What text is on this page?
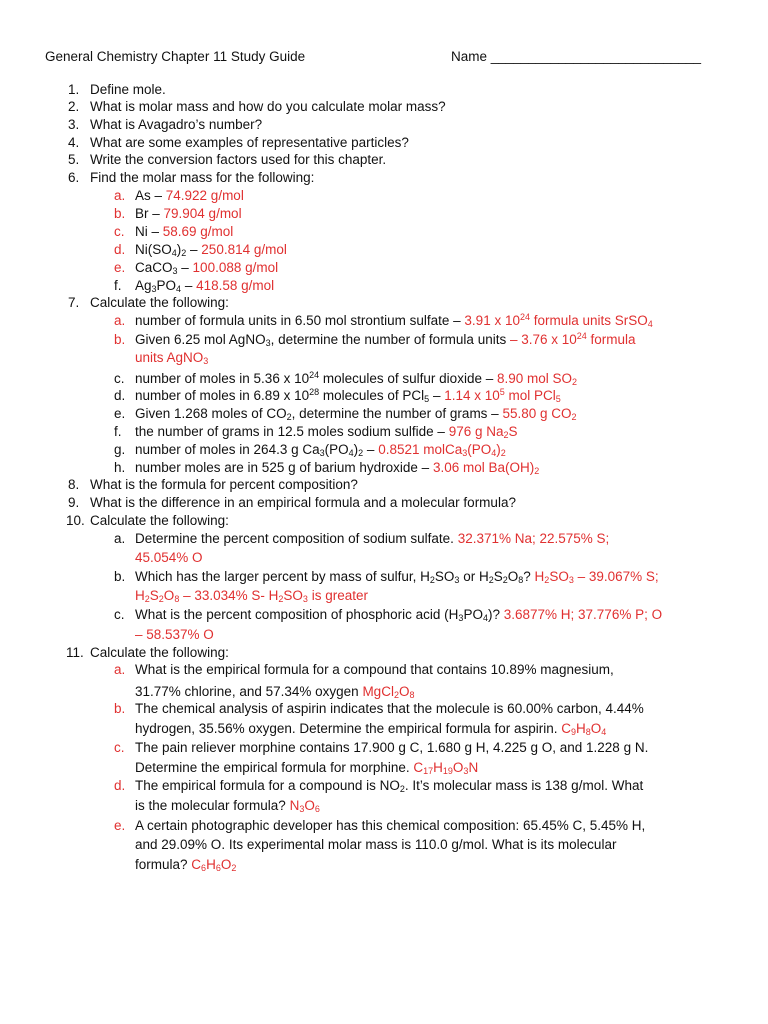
General Chemistry Chapter 11 Study Guide	Name ____________________________
1. Define mole.
2. What is molar mass and how do you calculate molar mass?
3. What is Avagadro’s number?
4. What are some examples of representative particles?
5. Write the conversion factors used for this chapter.
6. Find the molar mass for the following:
a. As – 74.922 g/mol
b. Br – 79.904 g/mol
c. Ni – 58.69 g/mol
d. $Ni(SO_4)_2 - 250.814$ g/mol
e. CaCO$_3$ – 100.088 g/mol
f. $Ag_3PO_4 - 418.58$ g/mol
7. Calculate the following:
a. number of formula units in 6.50 mol strontium sulfate – 3.91 x $10^{24}$ formula units SrSO$_4$
b. Given 6.25 mol AgNO$_3$, determine the number of formula units – 3.76 x $10^{24}$ formula
units AgNO$_3$
c. number of moles in 5.36 x $10^{24}$ molecules of sulfur dioxide – 8.90 mol $SO_2$
d. number of moles in 6.89 x $10^{28}$ molecules of PCl$_5$ – 1.14 x $10^5$ mol PCl$_5$
e. Given 1.268 moles of $CO_2$, determine the number of grams – 55.80 g $CO_2$
f. the number of grams in 12.5 moles sodium sulfide – 976 g $Na_2S$
g. number of moles in 264.3 g $Ca_3(PO_4)_2 - 0.8521$ $molCa_3(PO_4)_2$
h. number moles are in 525 g of barium hydroxide – 3.06 mol $Ba(OH)_2$
8. What is the formula for percent composition?
9. What is the difference in an empirical formula and a molecular formula?
10. Calculate the following:
a. Determine the percent composition of sodium sulfate. 32.371% Na; 22.575% S;
45.054% O
b. Which has the larger percent by mass of sulfur, $H_2SO_3$ or $H_2S_2O_8$? $H_2SO_3 - 39.067\%$ S;
$H_2S_2O_8 - 33.034\%$ S- $H_2SO_3$ is greater
c. What is the percent composition of phosphoric acid $(H_3PO_4)$? 3.6877% H; 37.776% P; O
– 58.537% O
11. Calculate the following:
a. What is the empirical formula for a compound that contains 10.89% magnesium,
31.77% chlorine, and 57.34% oxygen $MgCl_2O_8$
b. The chemical analysis of aspirin indicates that the molecule is 60.00% carbon, 4.44%
hydrogen, 35.56% oxygen. Determine the empirical formula for aspirin. $C_9H_8O_4$
c. The pain reliever morphine contains 17.900 g C, 1.680 g H, 4.225 g O, and 1.228 g N.
Determine the empirical formula for morphine. $C_{17}H_{19}O_3N$
d. The empirical formula for a compound is $NO_2$. It’s molecular mass is 138 g/mol. What
is the molecular formula? $N_3O_6$
e. A certain photographic developer has this chemical composition: 65.45% C, 5.45% H,
and 29.09% O. Its experimental molar mass is 110.0 g/mol. What is its molecular
formula? $C_6H_6O_2$
